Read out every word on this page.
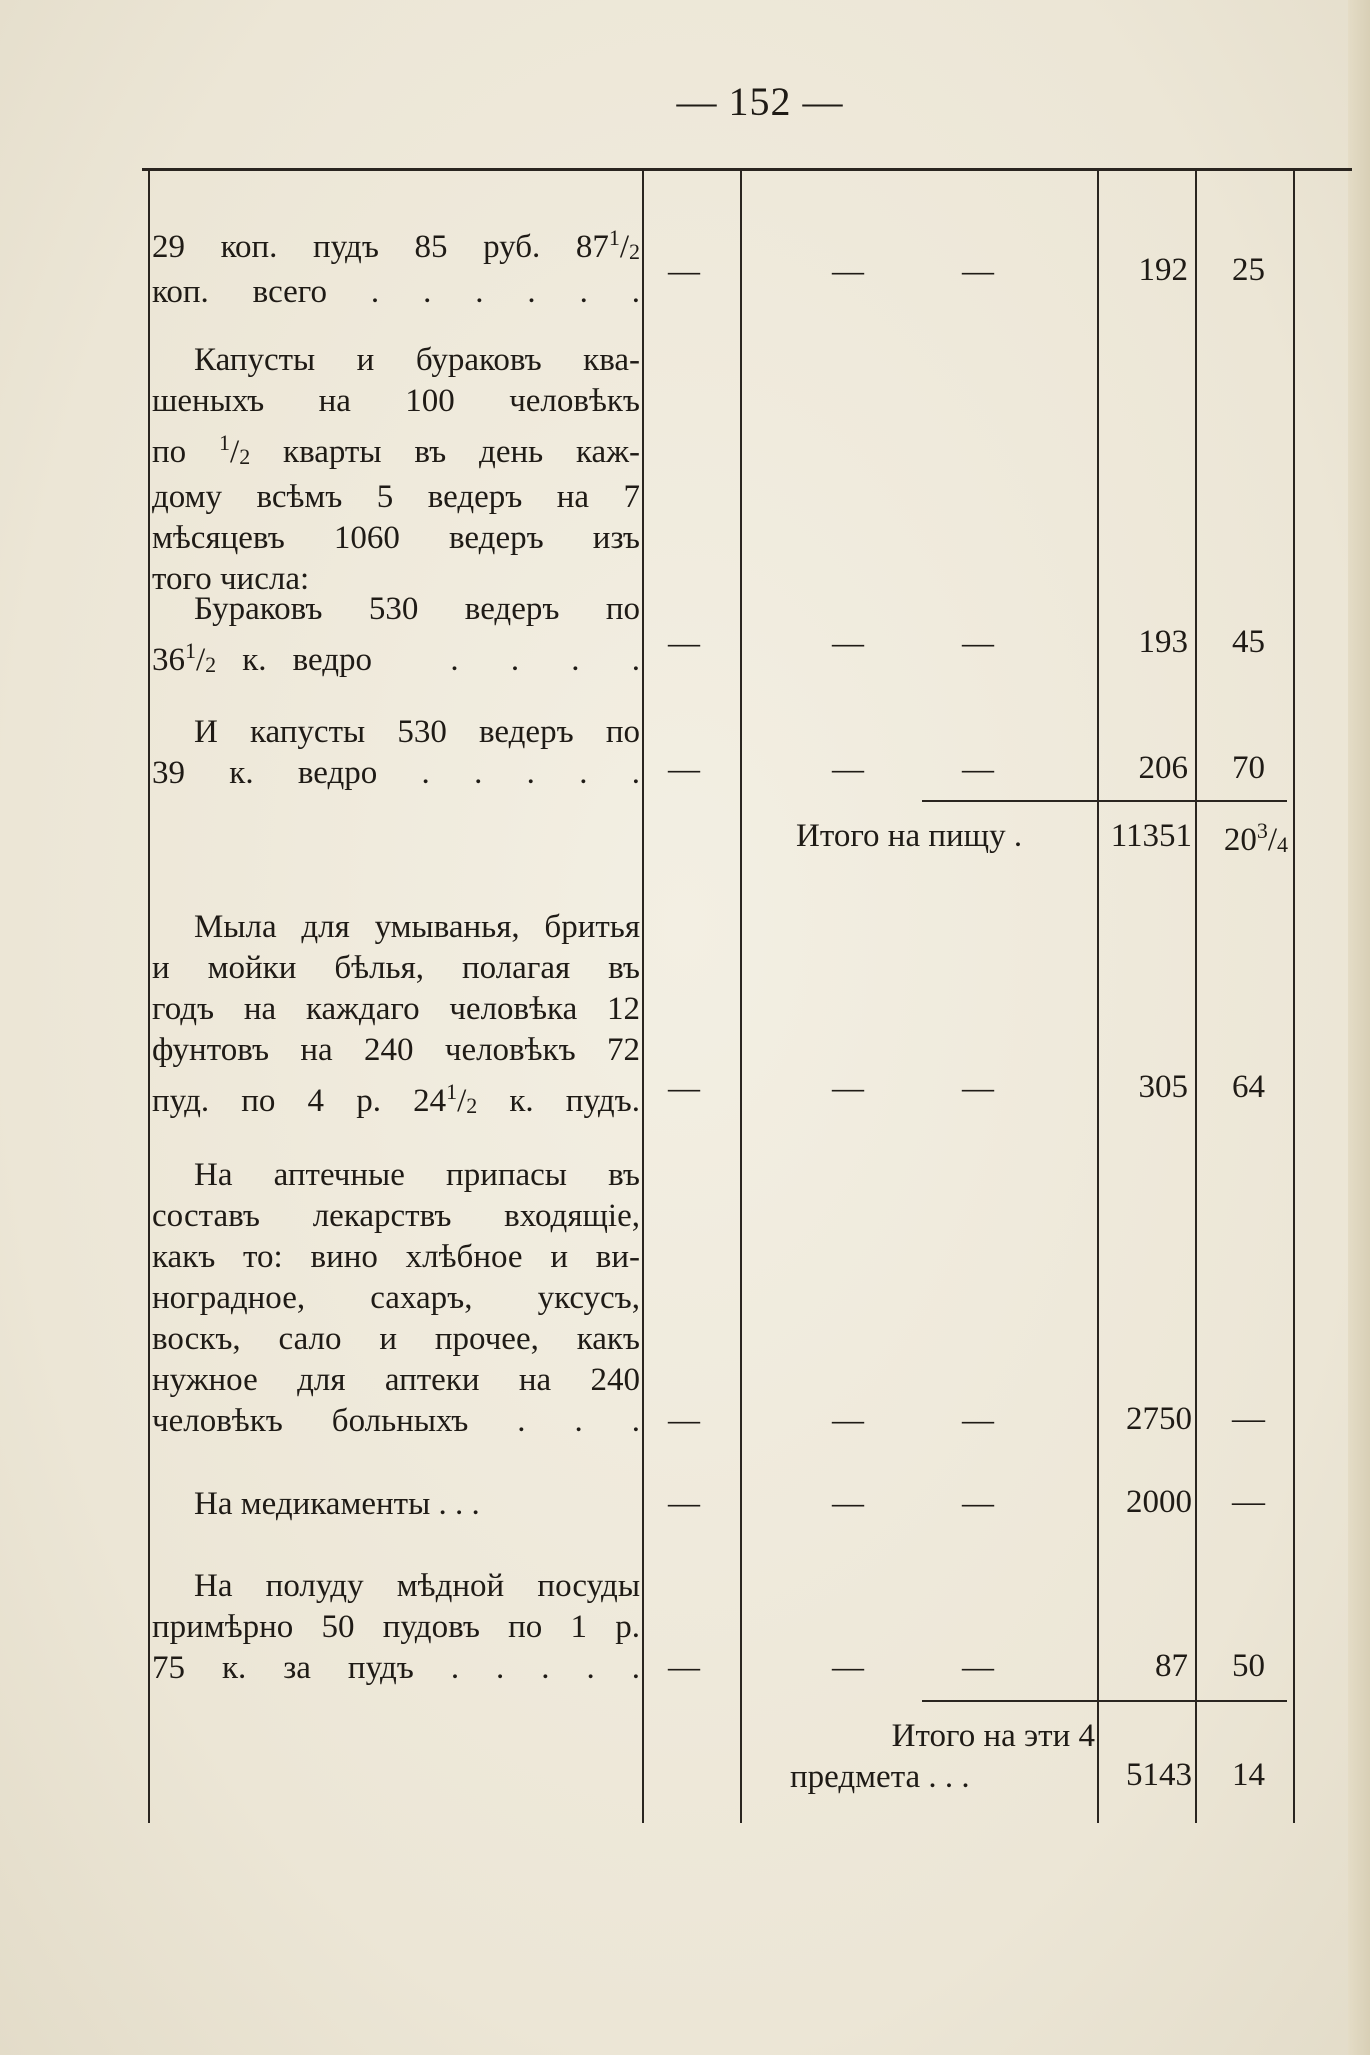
— 152 —
29 коп. пудъ 85 руб. $87^1/2$
коп. всего . . . . . .
—	—	—	192	25
Капусты и бураковъ ква-
шеныхъ на 100 человѣкъ
по $^1$/2 кварты въ день каж-
дому всѣмъ 5 ведеръ на 7
мѣсяцевъ 1060 ведеръ изъ
того числа:
Бураковъ 530 ведеръ по
$36^1/2$ к. ведро   .  .  .  . —	—	—	193	45
И капусты 530 ведеръ по
39 к. ведро . . . . . —	—	—	206	70
Итого на пищу .	11351 $20^3/4$
Мыла для умыванья, бритья
и мойки бѣлья, полагая въ
годъ на каждаго человѣка 12
фунтовъ на 240 человѣкъ 72
пуд. по 4 р. $24^1/2$ к. пудъ. —	—	—	305	64
На аптечные припасы въ
составъ лекарствъ входящіе,
какъ то: вино хлѣбное и ви-
ноградное, сахаръ, уксусъ,
воскъ, сало и прочее, какъ
нужное для аптеки на 240
человѣкъ больныхъ . . . —	—	—	2750	—
На медикаменты . . .	—	—	—	2000	—
На полуду мѣдной посуды
примѣрно 50 пудовъ по 1 р.
75 к. за пудъ . . . . . —	—	—	87	50
Итого на эти 4
предмета . . .	5143	14
